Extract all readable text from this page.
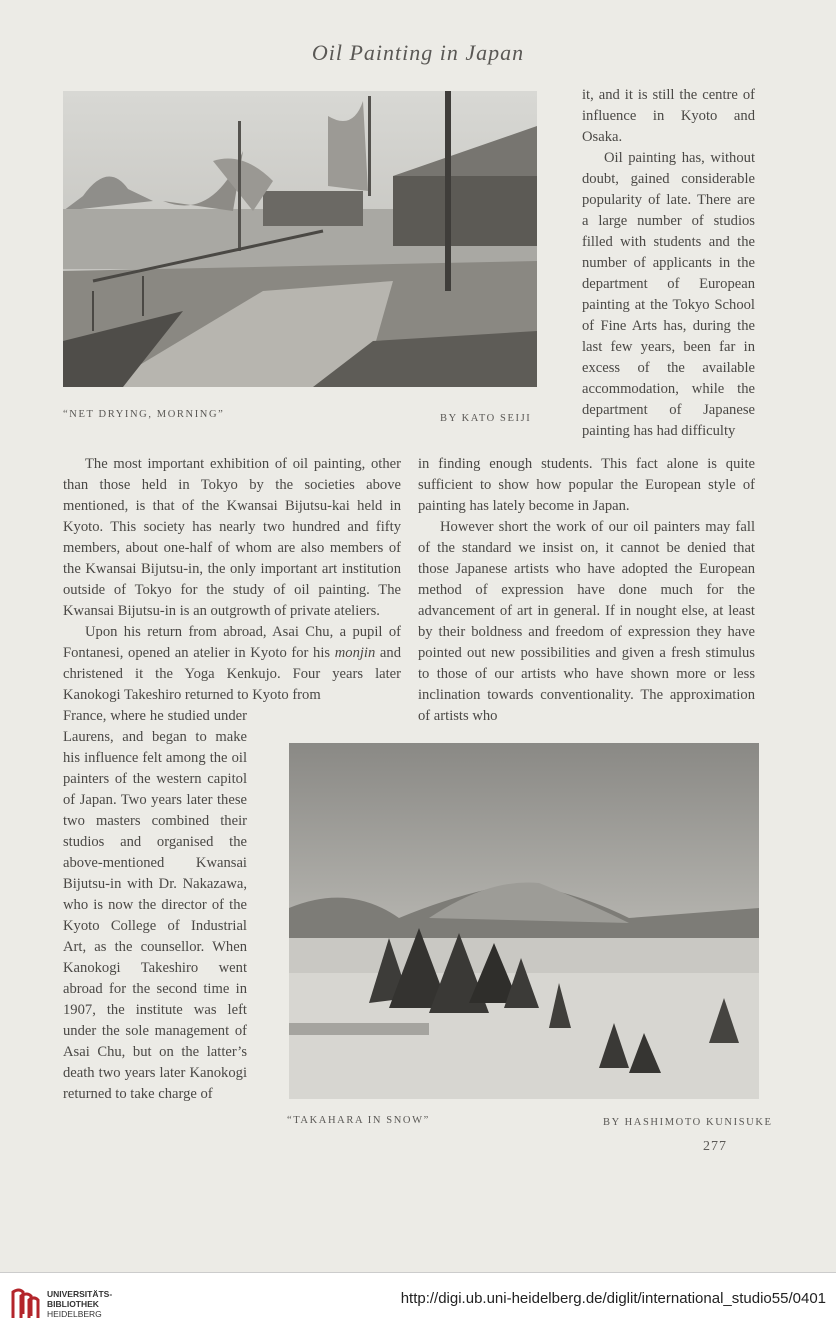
Oil Painting in Japan
“NET DRYING, MORNING”	BY KATO SEIJI

it, and it is still the centre of influence in Kyoto and Osaka.

Oil painting has, without doubt, gained considerable popularity of late. There are a large number of studios filled with students and the number of applicants in the department of European painting at the Tokyo School of Fine Arts has, during the last few years, been far in excess of the available accommodation, while the department of Japanese painting has had difficulty

The most important exhibition of oil painting, other than those held in Tokyo by the societies above mentioned, is that of the Kwansai Bijutsu-kai held in Kyoto. This society has nearly two hundred and fifty members, about one-half of whom are also members of the Kwansai Bijutsu-in, the only important art institution outside of Tokyo for the study of oil painting. The Kwansai Bijutsu-in is an outgrowth of private ateliers.

Upon his return from abroad, Asai Chu, a pupil of Fontanesi, opened an atelier in Kyoto for his monjin and christened it the Yoga Kenkujo. Four years later Kanokogi Takeshiro returned to Kyoto from

France, where he studied under Laurens, and began to make his influence felt among the oil painters of the western capitol of Japan. Two years later these two masters combined their studios and organised the above-mentioned Kwansai Bijutsu-in with Dr. Nakazawa, who is now the director of the Kyoto College of Industrial Art, as the counsellor. When Kanokogi Takeshiro went abroad for the second time in 1907, the institute was left under the sole management of Asai Chu, but on the latter’s death two years later Kanokogi returned to take charge of

in finding enough students. This fact alone is quite sufficient to show how popular the European style of painting has lately become in Japan.

However short the work of our oil painters may fall of the standard we insist on, it cannot be denied that those Japanese artists who have adopted the European method of expression have done much for the advancement of art in general. If in nought else, at least by their boldness and freedom of expression they have pointed out new possibilities and given a fresh stimulus to those of our artists who have shown more or less inclination towards conventionality. The approximation of artists who

“TAKAHARA IN SNOW”	BY HASHIMOTO KUNISUKE
277
UNIVERSITÄTS-
BIBLIOTHEK
HEIDELBERG
http://digi.ub.uni-heidelberg.de/diglit/international_studio55/0401
